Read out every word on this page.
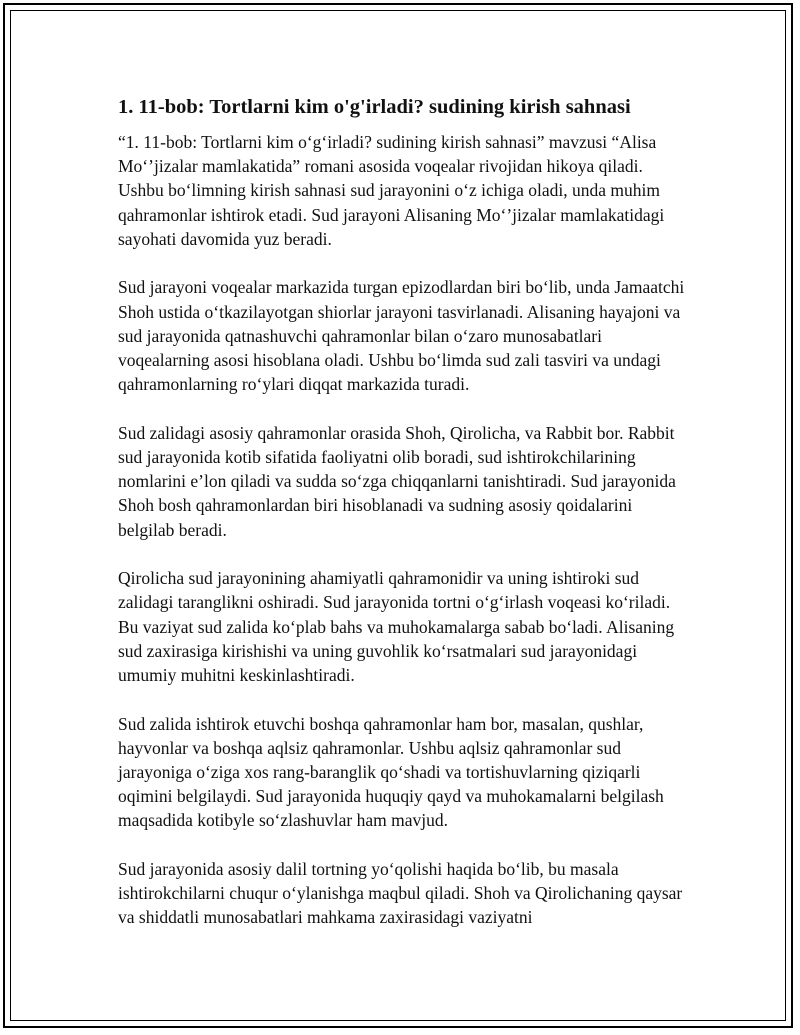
1. 11-bob: Tortlarni kim o'g'irladi? sudining kirish sahnasi

“1. 11-bob: Tortlarni kim o‘g‘irladi? sudining kirish sahnasi” mavzusi “Alisa Mo‘’jizalar mamlakatida” romani asosida voqealar rivojidan hikoya qiladi. Ushbu bo‘limning kirish sahnasi sud jarayonini o‘z ichiga oladi, unda muhim qahramonlar ishtirok etadi. Sud jarayoni Alisaning Mo‘’jizalar mamlakatidagi sayohati davomida yuz beradi.

Sud jarayoni voqealar markazida turgan epizodlardan biri bo‘lib, unda Jamaatchi Shoh ustida o‘tkazilayotgan shiorlar jarayoni tasvirlanadi. Alisaning hayajoni va sud jarayonida qatnashuvchi qahramonlar bilan o‘zaro munosabatlari voqealarning asosi hisoblana oladi. Ushbu bo‘limda sud zali tasviri va undagi qahramonlarning ro‘ylari diqqat markazida turadi.

Sud zalidagi asosiy qahramonlar orasida Shoh, Qirolicha, va Rabbit bor. Rabbit sud jarayonida kotib sifatida faoliyatni olib boradi, sud ishtirokchilarining nomlarini e’lon qiladi va sudda so‘zga chiqqanlarni tanishtiradi. Sud jarayonida Shoh bosh qahramonlardan biri hisoblanadi va sudning asosiy qoidalarini belgilab beradi.

Qirolicha sud jarayonining ahamiyatli qahramonidir va uning ishtiroki sud zalidagi taranglikni oshiradi. Sud jarayonida tortni o‘g‘irlash voqeasi ko‘riladi. Bu vaziyat sud zalida ko‘plab bahs va muhokamalarga sabab bo‘ladi. Alisaning sud zaxirasiga kirishishi va uning guvohlik ko‘rsatmalari sud jarayonidagi umumiy muhitni keskinlashtiradi.

Sud zalida ishtirok etuvchi boshqa qahramonlar ham bor, masalan, qushlar, hayvonlar va boshqa aqlsiz qahramonlar. Ushbu aqlsiz qahramonlar sud jarayoniga o‘ziga xos rang-baranglik qo‘shadi va tortishuvlarning qiziqarli oqimini belgilaydi. Sud jarayonida huquqiy qayd va muhokamalarni belgilash maqsadida kotibyle so‘zlashuvlar ham mavjud.

Sud jarayonida asosiy dalil tortning yo‘qolishi haqida bo‘lib, bu masala ishtirokchilarni chuqur o‘ylanishga maqbul qiladi. Shoh va Qirolichaning qaysar va shiddatli munosabatlari mahkama zaxirasidagi vaziyatni
